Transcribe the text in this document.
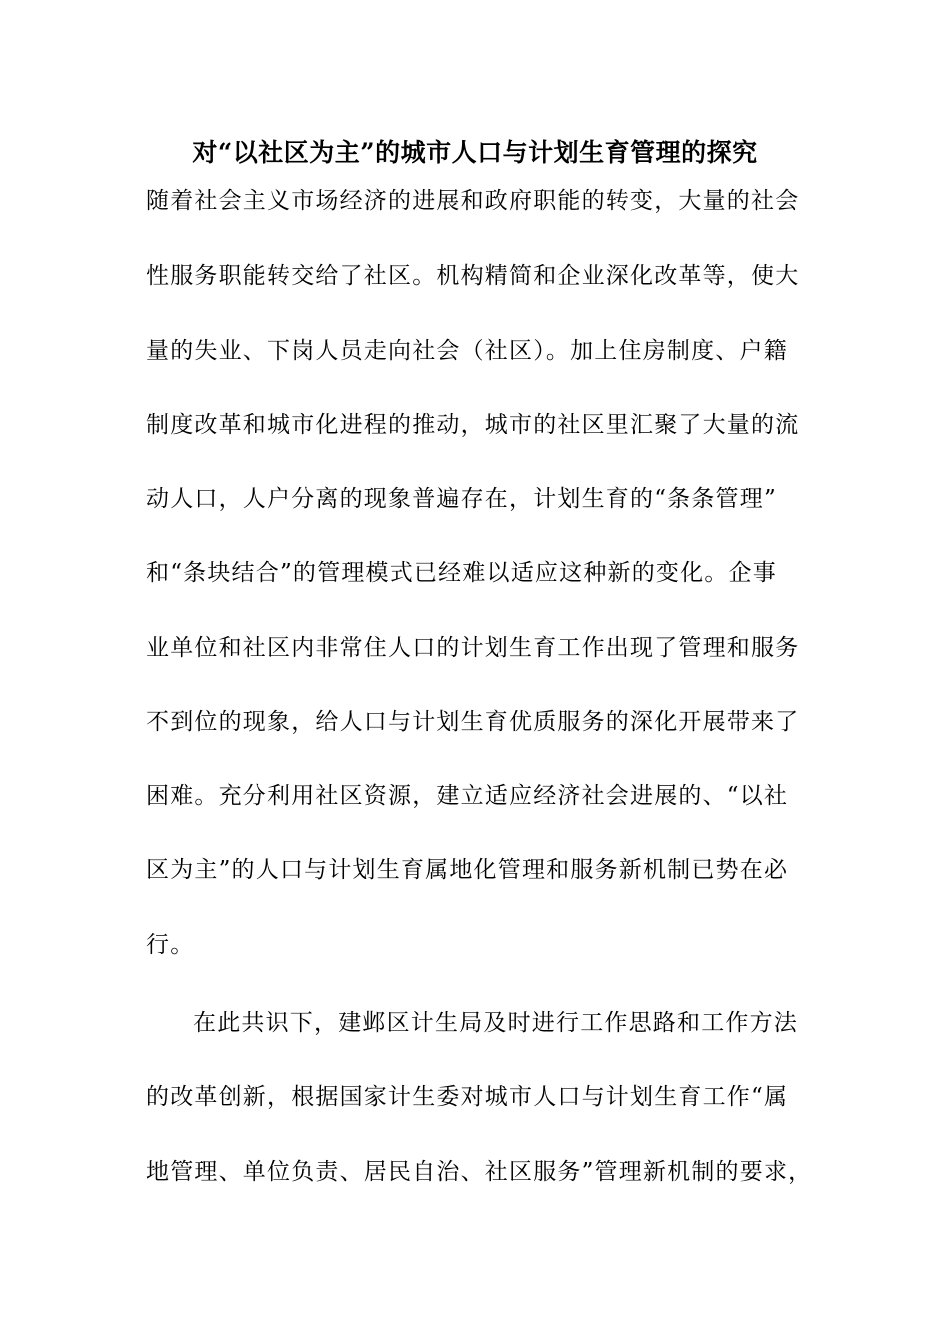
对“以社区为主”的城市人口与计划生育管理的探究
随着社会主义市场经济的进展和政府职能的转变，大量的社会
性服务职能转交给了社区。机构精简和企业深化改革等，使大
量的失业、下岗人员走向社会（社区）。加上住房制度、户籍
制度改革和城市化进程的推动，城市的社区里汇聚了大量的流
动人口，人户分离的现象普遍存在，计划生育的“条条管理”
和“条块结合”的管理模式已经难以适应这种新的变化。企事
业单位和社区内非常住人口的计划生育工作出现了管理和服务
不到位的现象，给人口与计划生育优质服务的深化开展带来了
困难。充分利用社区资源，建立适应经济社会进展的、“以社
区为主”的人口与计划生育属地化管理和服务新机制已势在必
行。
在此共识下，建邺区计生局及时进行工作思路和工作方法
的改革创新，根据国家计生委对城市人口与计划生育工作“属
地管理、单位负责、居民自治、社区服务”管理新机制的要求，
